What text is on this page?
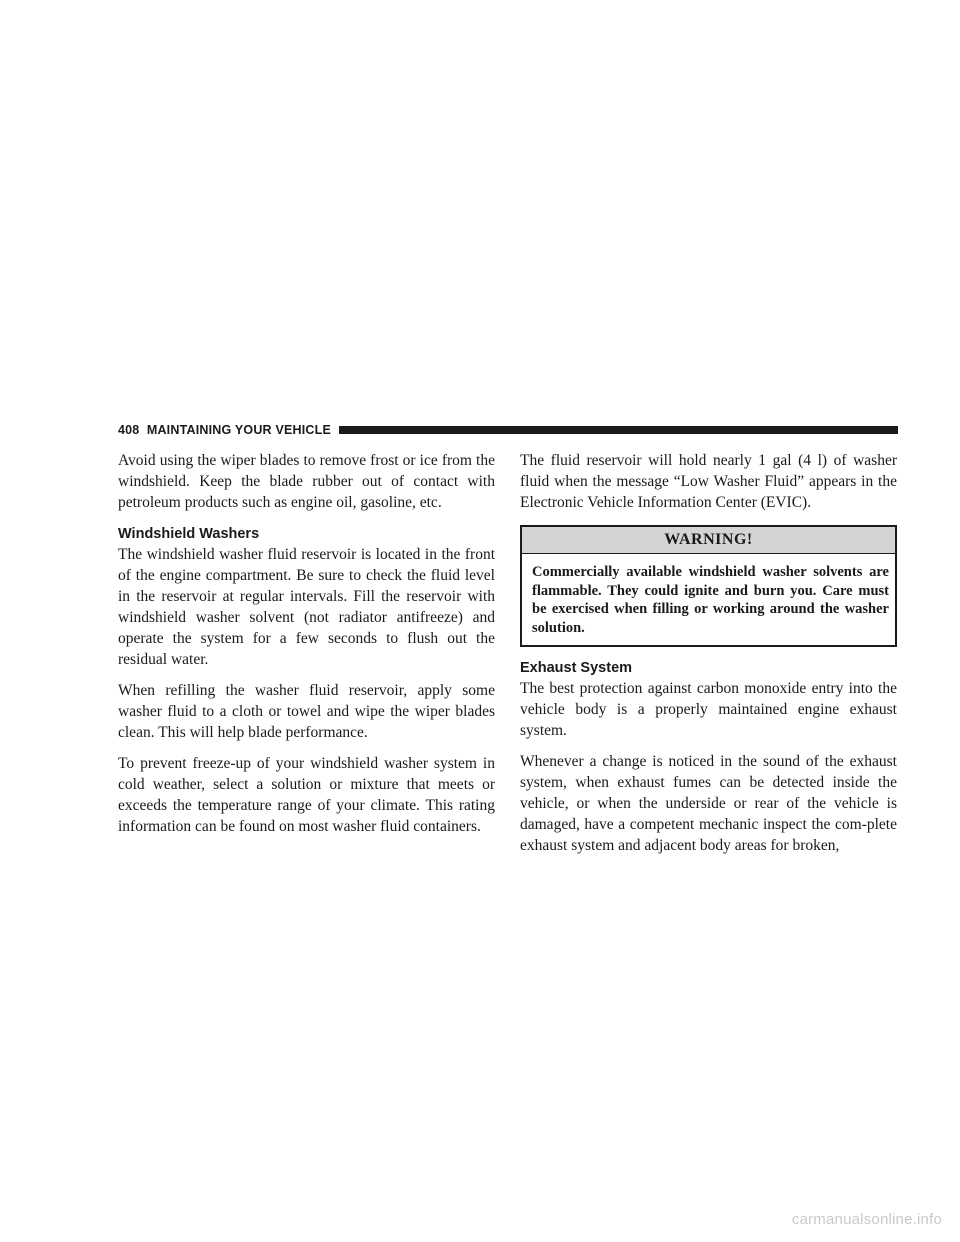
408 MAINTAINING YOUR VEHICLE

Avoid using the wiper blades to remove frost or ice from the windshield. Keep the blade rubber out of contact with petroleum products such as engine oil, gasoline, etc.

Windshield Washers

The windshield washer fluid reservoir is located in the front of the engine compartment. Be sure to check the fluid level in the reservoir at regular intervals. Fill the reservoir with windshield washer solvent (not radiator antifreeze) and operate the system for a few seconds to flush out the residual water.

When refilling the washer fluid reservoir, apply some washer fluid to a cloth or towel and wipe the wiper blades clean. This will help blade performance.

To prevent freeze-up of your windshield washer system in cold weather, select a solution or mixture that meets or exceeds the temperature range of your climate. This rating information can be found on most washer fluid containers.

The fluid reservoir will hold nearly 1 gal (4 l) of washer fluid when the message “Low Washer Fluid” appears in the Electronic Vehicle Information Center (EVIC).

WARNING!
Commercially available windshield washer solvents are flammable. They could ignite and burn you. Care must be exercised when filling or working around the washer solution.
Exhaust System

The best protection against carbon monoxide entry into the vehicle body is a properly maintained engine exhaust system.

Whenever a change is noticed in the sound of the exhaust system, when exhaust fumes can be detected inside the vehicle, or when the underside or rear of the vehicle is damaged, have a competent mechanic inspect the com-plete exhaust system and adjacent body areas for broken,

carmanualsonline.info
